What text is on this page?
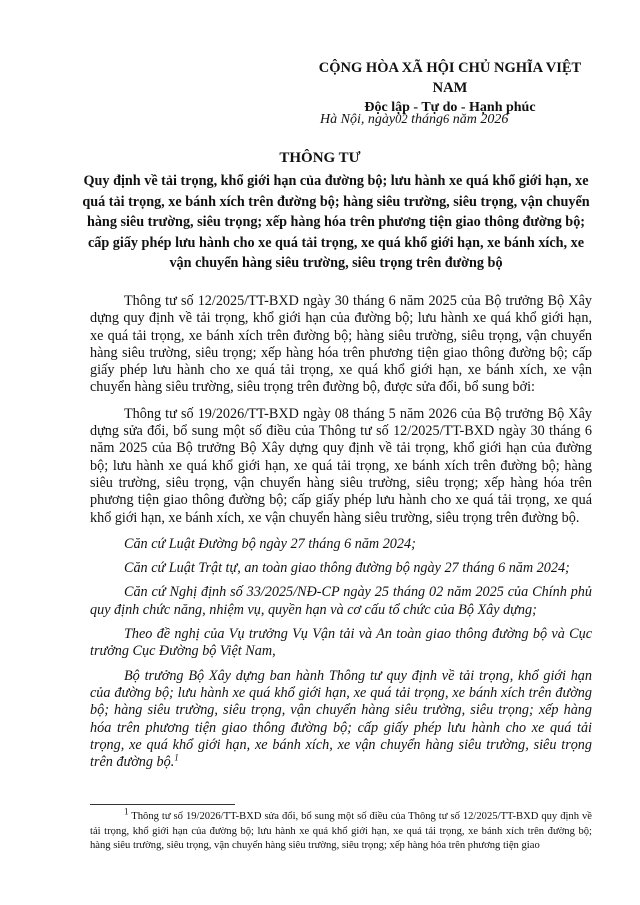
CỘNG HÒA XÃ HỘI CHỦ NGHĨA VIỆT NAM
Độc lập - Tự do - Hạnh phúc
Hà Nội, ngày02 tháng6 năm 2026
THÔNG TƯ
Quy định về tải trọng, khổ giới hạn của đường bộ; lưu hành xe quá khổ giới hạn, xe quá tải trọng, xe bánh xích trên đường bộ; hàng siêu trường, siêu trọng, vận chuyển hàng siêu trường, siêu trọng; xếp hàng hóa trên phương tiện giao thông đường bộ; cấp giấy phép lưu hành cho xe quá tải trọng, xe quá khổ giới hạn, xe bánh xích, xe vận chuyển hàng siêu trường, siêu trọng trên đường bộ

Thông tư số 12/2025/TT-BXD ngày 30 tháng 6 năm 2025 của Bộ trưởng Bộ Xây dựng quy định về tải trọng, khổ giới hạn của đường bộ; lưu hành xe quá khổ giới hạn, xe quá tải trọng, xe bánh xích trên đường bộ; hàng siêu trường, siêu trọng, vận chuyển hàng siêu trường, siêu trọng; xếp hàng hóa trên phương tiện giao thông đường bộ; cấp giấy phép lưu hành cho xe quá tải trọng, xe quá khổ giới hạn, xe bánh xích, xe vận chuyển hàng siêu trường, siêu trọng trên đường bộ, được sửa đổi, bổ sung bởi:

Thông tư số 19/2026/TT-BXD ngày 08 tháng 5 năm 2026 của Bộ trưởng Bộ Xây dựng sửa đổi, bổ sung một số điều của Thông tư số 12/2025/TT-BXD ngày 30 tháng 6 năm 2025 của Bộ trưởng Bộ Xây dựng quy định về tải trọng, khổ giới hạn của đường bộ; lưu hành xe quá khổ giới hạn, xe quá tải trọng, xe bánh xích trên đường bộ; hàng siêu trường, siêu trọng, vận chuyển hàng siêu trường, siêu trọng; xếp hàng hóa trên phương tiện giao thông đường bộ; cấp giấy phép lưu hành cho xe quá tải trọng, xe quá khổ giới hạn, xe bánh xích, xe vận chuyển hàng siêu trường, siêu trọng trên đường bộ.

Căn cứ Luật Đường bộ ngày 27 tháng 6 năm 2024;

Căn cứ Luật Trật tự, an toàn giao thông đường bộ ngày 27 tháng 6 năm 2024;

Căn cứ Nghị định số 33/2025/NĐ-CP ngày 25 tháng 02 năm 2025 của Chính phủ quy định chức năng, nhiệm vụ, quyền hạn và cơ cấu tổ chức của Bộ Xây dựng;

Theo đề nghị của Vụ trưởng Vụ Vận tải và An toàn giao thông đường bộ và Cục trưởng Cục Đường bộ Việt Nam,

Bộ trưởng Bộ Xây dựng ban hành Thông tư quy định về tải trọng, khổ giới hạn của đường bộ; lưu hành xe quá khổ giới hạn, xe quá tải trọng, xe bánh xích trên đường bộ; hàng siêu trường, siêu trọng, vận chuyển hàng siêu trường, siêu trọng; xếp hàng hóa trên phương tiện giao thông đường bộ; cấp giấy phép lưu hành cho xe quá tải trọng, xe quá khổ giới hạn, xe bánh xích, xe vận chuyển hàng siêu trường, siêu trọng trên đường bộ.$^1$

$^1$ Thông tư số 19/2026/TT-BXD sửa đổi, bổ sung một số điều của Thông tư số 12/2025/TT-BXD quy định về tải trọng, khổ giới hạn của đường bộ; lưu hành xe quá khổ giới hạn, xe quá tải trọng, xe bánh xích trên đường bộ; hàng siêu trường, siêu trọng, vận chuyển hàng siêu trường, siêu trọng; xếp hàng hóa trên phương tiện giao
